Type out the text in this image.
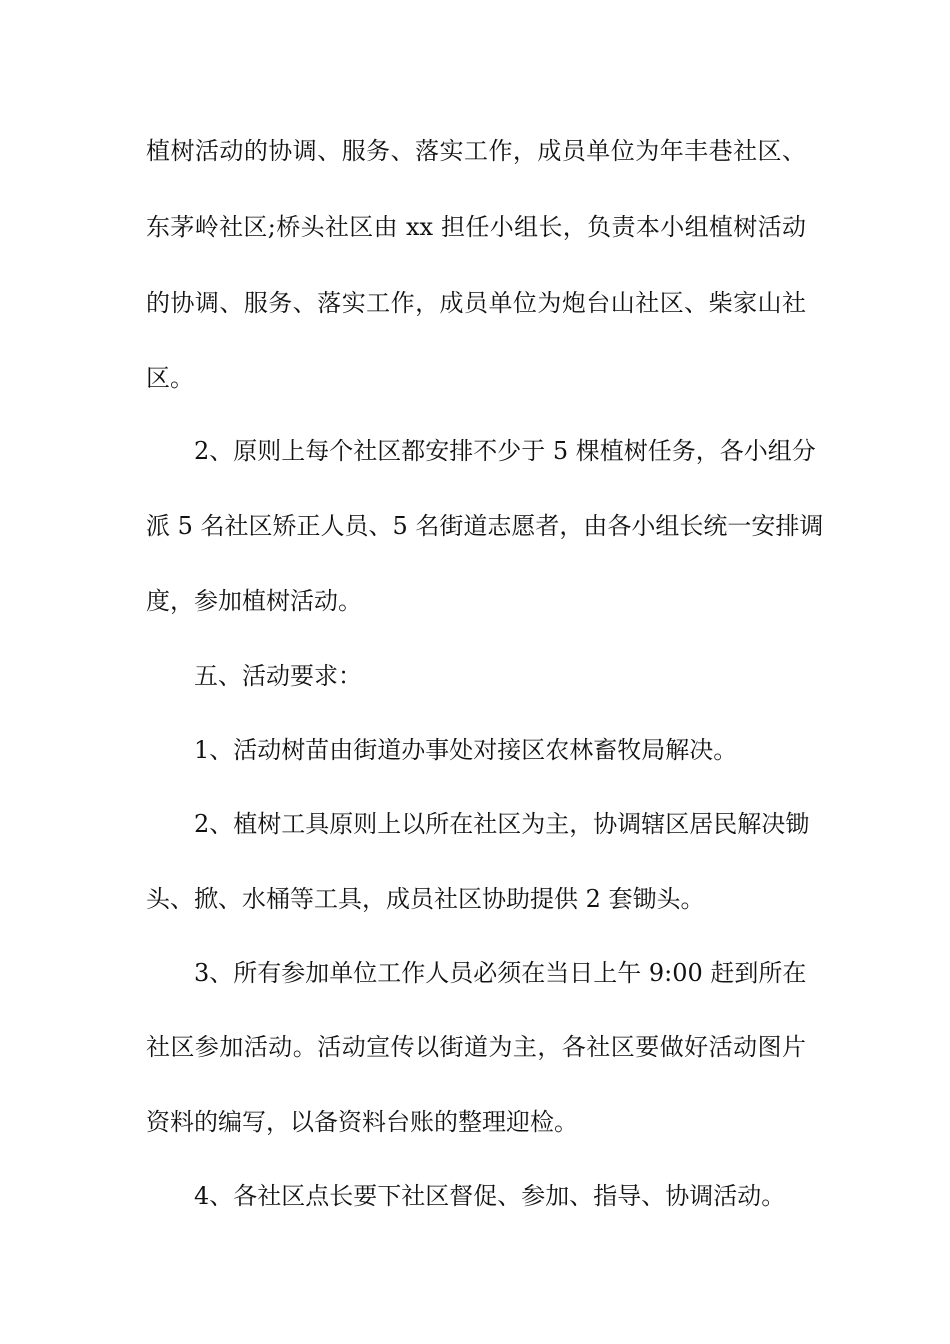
植树活动的协调、服务、落实工作，成员单位为年丰巷社区、
东茅岭社区;桥头社区由 xx 担任小组长，负责本小组植树活动
的协调、服务、落实工作，成员单位为炮台山社区、柴家山社
区。
2、原则上每个社区都安排不少于 5 棵植树任务，各小组分
派 5 名社区矫正人员、5 名街道志愿者，由各小组长统一安排调
度，参加植树活动。
五、活动要求：
1、活动树苗由街道办事处对接区农林畜牧局解决。
2、植树工具原则上以所在社区为主，协调辖区居民解决锄
头、掀、水桶等工具，成员社区协助提供 2 套锄头。
3、所有参加单位工作人员必须在当日上午 9:00 赶到所在
社区参加活动。活动宣传以街道为主，各社区要做好活动图片
资料的编写，以备资料台账的整理迎检。
4、各社区点长要下社区督促、参加、指导、协调活动。
